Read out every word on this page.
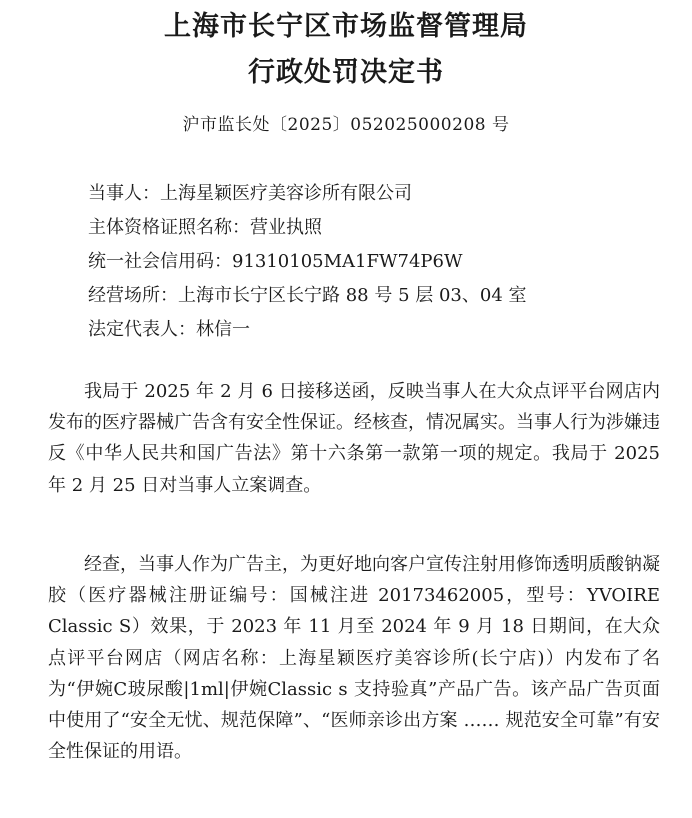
上海市长宁区市场监督管理局
行政处罚决定书
沪市监长处〔2025〕052025000208 号
当事人：上海星颖医疗美容诊所有限公司
主体资格证照名称：营业执照
统一社会信用码：91310105MA1FW74P6W
经营场所：上海市长宁区长宁路 88 号 5 层 03、04 室
法定代表人：林信一

我局于 2025 年 2 月 6 日接移送函，反映当事人在大众点评平台网店内发布的医疗器械广告含有安全性保证。经核查，情况属实。当事人行为涉嫌违反《中华人民共和国广告法》第十六条第一款第一项的规定。我局于 2025 年 2 月 25 日对当事人立案调查。

经查，当事人作为广告主，为更好地向客户宣传注射用修饰透明质酸钠凝胶（医疗器械注册证编号：国械注进 20173462005，型号：YVOIRE Classic S）效果，于 2023 年 11 月至 2024 年 9 月 18 日期间，在大众点评平台网店（网店名称：上海星颖医疗美容诊所(长宁店)）内发布了名为“伊婉C玻尿酸|1ml|伊婉Classic s 支持验真”产品广告。该产品广告页面中使用了“安全无忧、规范保障”、“医师亲诊出方案 …… 规范安全可靠”有安全性保证的用语。
